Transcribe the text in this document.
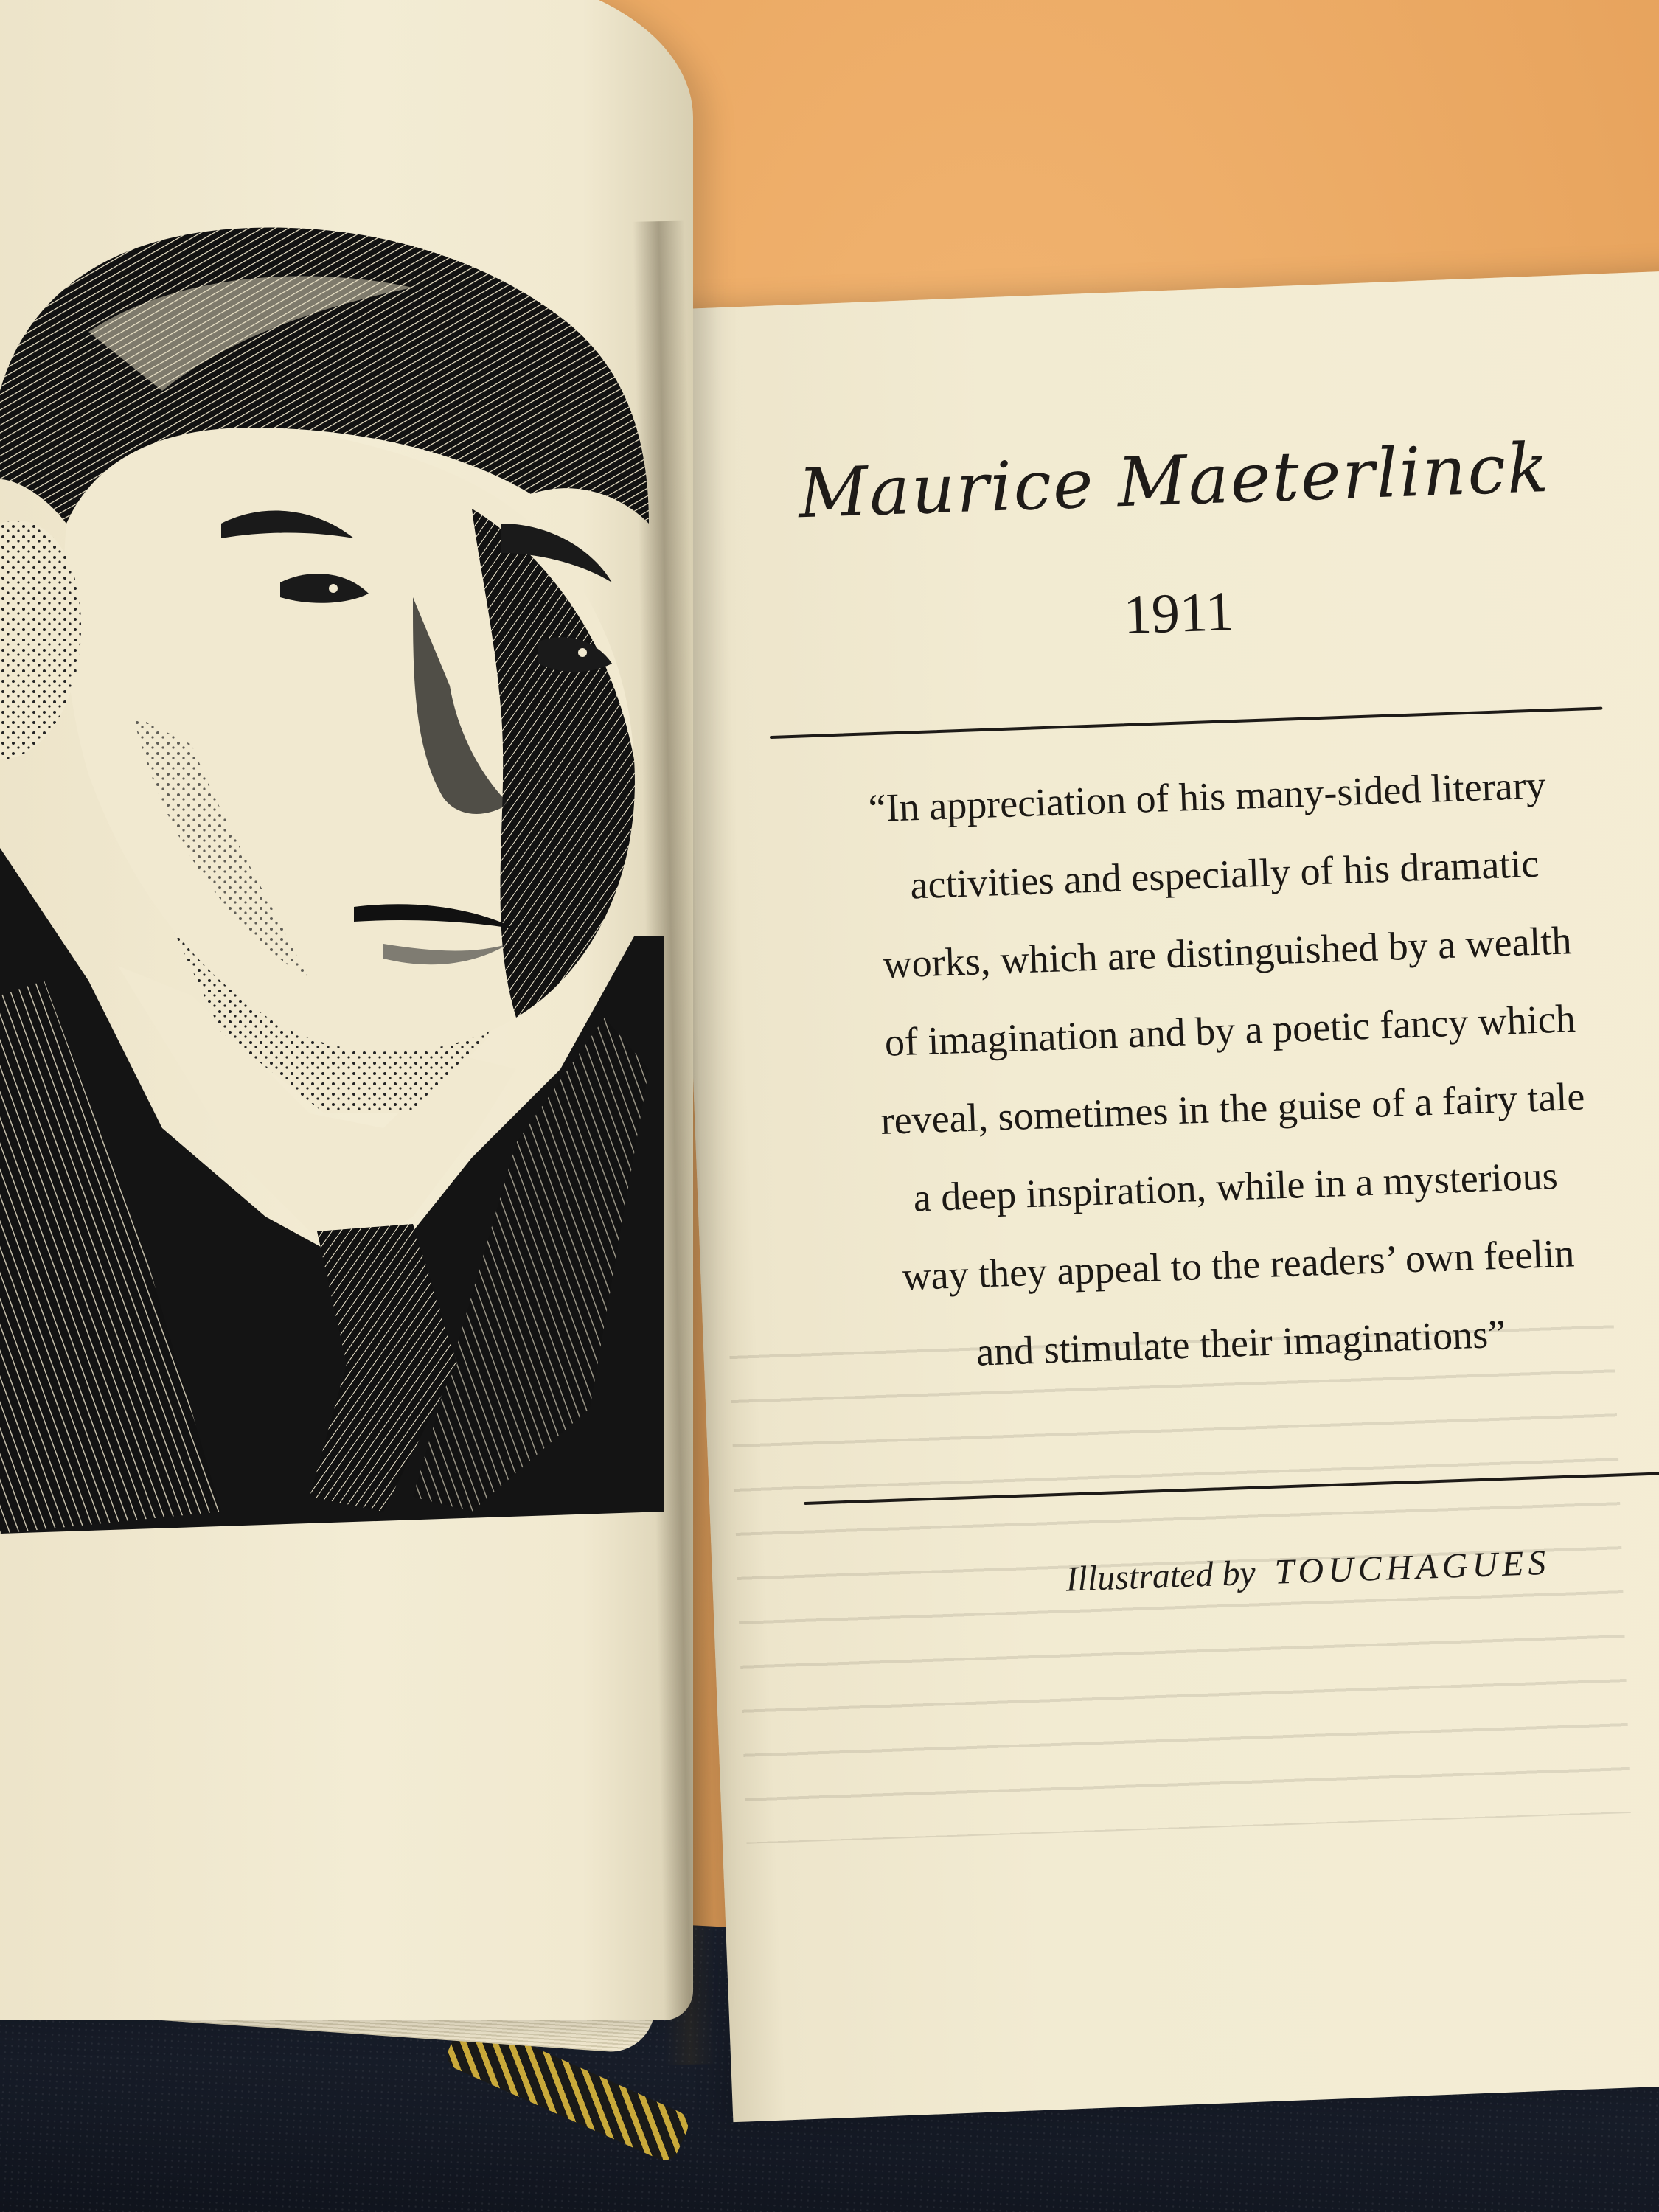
Maurice Maeterlinck
1911
“In appreciation of his many-sided literary
activities and especially of his dramatic
works, which are distinguished by a wealth
of imagination and by a poetic fancy which
reveal, sometimes in the guise of a fairy tale
a deep inspiration, while in a mysterious
way they appeal to the readers’ own feelin
and stimulate their imaginations”
Illustrated by TOUCHAGUES
